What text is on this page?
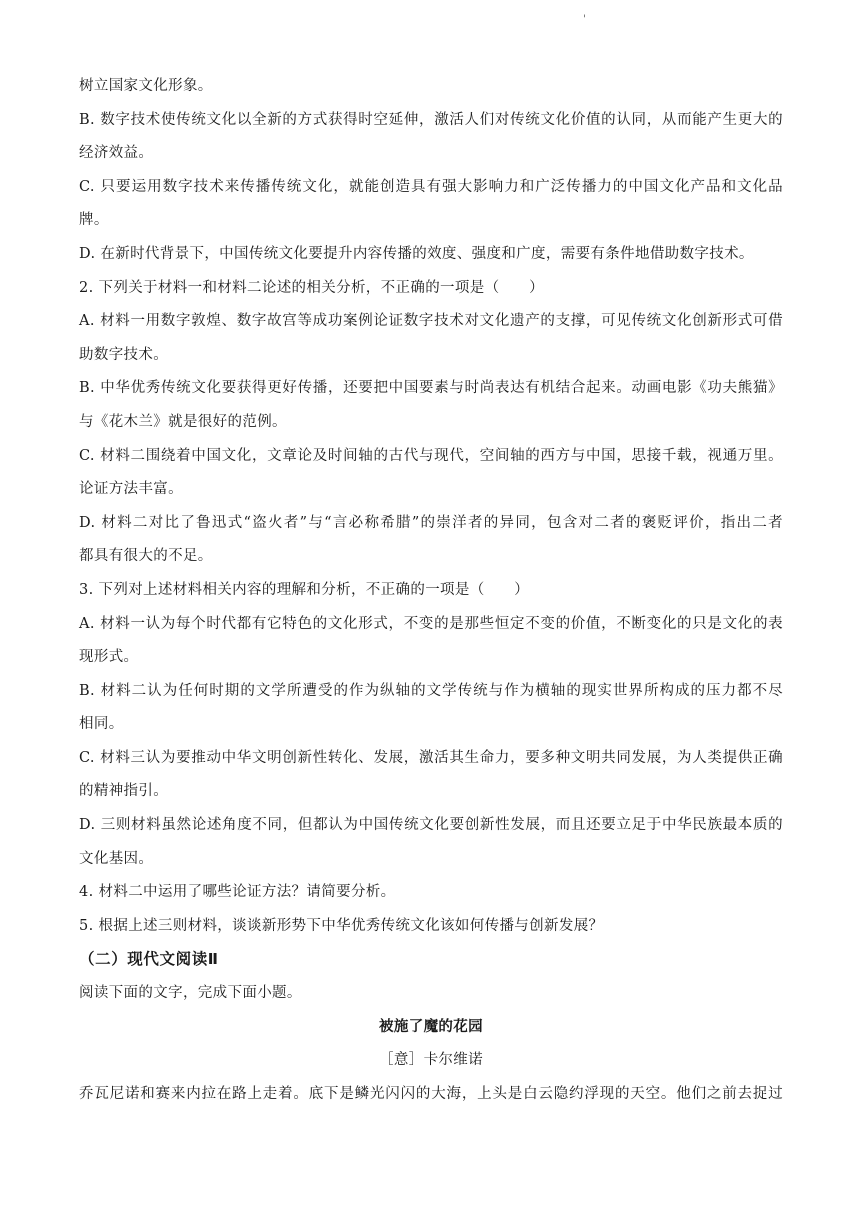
'
树立国家文化形象。
B. 数字技术使传统文化以全新的方式获得时空延伸，激活人们对传统文化价值的认同，从而能产生更大的
经济效益。
C. 只要运用数字技术来传播传统文化，就能创造具有强大影响力和广泛传播力的中国文化产品和文化品
牌。
D. 在新时代背景下，中国传统文化要提升内容传播的效度、强度和广度，需要有条件地借助数字技术。
2. 下列关于材料一和材料二论述的相关分析，不正确的一项是（　　）
A. 材料一用数字敦煌、数字故宫等成功案例论证数字技术对文化遗产的支撑，可见传统文化创新形式可借
助数字技术。
B. 中华优秀传统文化要获得更好传播，还要把中国要素与时尚表达有机结合起来。动画电影《功夫熊猫》
与《花木兰》就是很好的范例。
C. 材料二围绕着中国文化，文章论及时间轴的古代与现代，空间轴的西方与中国，思接千载，视通万里。
论证方法丰富。
D. 材料二对比了鲁迅式“盗火者”与“言必称希腊”的崇洋者的异同，包含对二者的褒贬评价，指出二者
都具有很大的不足。
3. 下列对上述材料相关内容的理解和分析，不正确的一项是（　　）
A. 材料一认为每个时代都有它特色的文化形式，不变的是那些恒定不变的价值，不断变化的只是文化的表
现形式。
B. 材料二认为任何时期的文学所遭受的作为纵轴的文学传统与作为横轴的现实世界所构成的压力都不尽
相同。
C. 材料三认为要推动中华文明创新性转化、发展，激活其生命力，要多种文明共同发展，为人类提供正确
的精神指引。
D. 三则材料虽然论述角度不同，但都认为中国传统文化要创新性发展，而且还要立足于中华民族最本质的
文化基因。
4. 材料二中运用了哪些论证方法？请简要分析。
5. 根据上述三则材料，谈谈新形势下中华优秀传统文化该如何传播与创新发展？
（二）现代文阅读Ⅱ
阅读下面的文字，完成下面小题。
被施了魔的花园
［意］卡尔维诺
乔瓦尼诺和赛来内拉在路上走着。底下是鳞光闪闪的大海，上头是白云隐约浮现的天空。他们之前去捉过
